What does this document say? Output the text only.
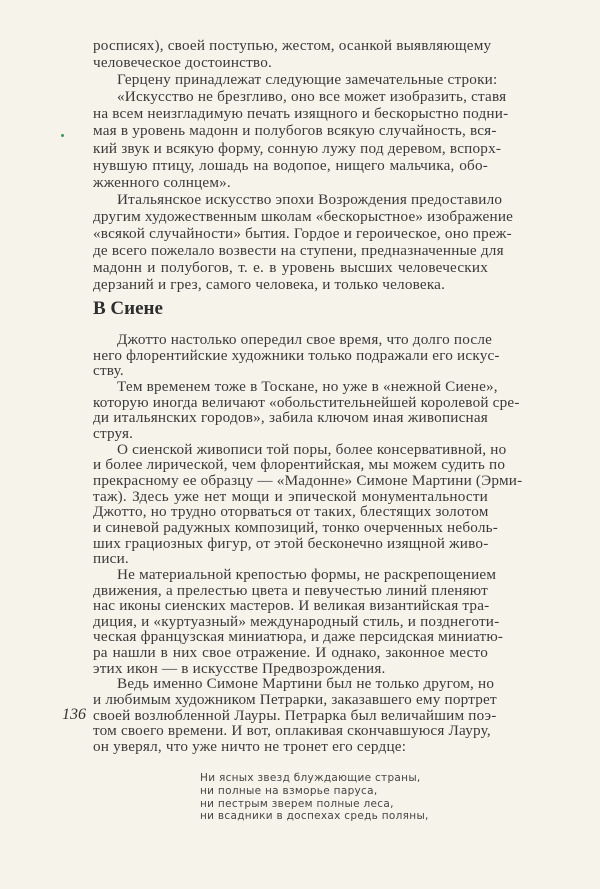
росписях), своей поступью, жестом, осанкой выявляющему
человеческое достоинство.
Герцену принадлежат следующие замечательные строки:
«Искусство не брезгливо, оно все может изобразить, ставя
на всем неизгладимую печать изящного и бескорыстно подни-
мая в уровень мадонн и полубогов всякую случайность, вся-
кий звук и всякую форму, сонную лужу под деревом, вспорх-
нувшую птицу, лошадь на водопое, нищего мальчика, обо-
жженного солнцем».
Итальянское искусство эпохи Возрождения предоставило
другим художественным школам «бескорыстное» изображение
«всякой случайности» бытия. Гордое и героическое, оно преж-
де всего пожелало возвести на ступени, предназначенные для
мадонн и полубогов, т. е. в уровень высших человеческих
дерзаний и грез, самого человека, и только человека.
В Сиене
Джотто настолько опередил свое время, что долго после
него флорентийские художники только подражали его искус-
ству.
Тем временем тоже в Тоскане, но уже в «нежной Сиене»,
которую иногда величают «обольстительнейшей королевой сре-
ди итальянских городов», забила ключом иная живописная
струя.
О сиенской живописи той поры, более консервативной, но
и более лирической, чем флорентийская, мы можем судить по
прекрасному ее образцу — «Мадонне» Симоне Мартини (Эрми-
таж). Здесь уже нет мощи и эпической монументальности
Джотто, но трудно оторваться от таких, блестящих золотом
и синевой радужных композиций, тонко очерченных неболь-
ших грациозных фигур, от этой бесконечно изящной живо-
писи.
Не материальной крепостью формы, не раскрепощением
движения, а прелестью цвета и певучестью линий пленяют
нас иконы сиенских мастеров. И великая византийская тра-
диция, и «куртуазный» международный стиль, и позднеготи-
ческая французская миниатюра, и даже персидская миниатю-
ра нашли в них свое отражение. И однако, законное место
этих икон — в искусстве Предвозрождения.
Ведь именно Симоне Мартини был не только другом, но
и любимым художником Петрарки, заказавшего ему портрет
своей возлюбленной Лауры. Петрарка был величайшим поэ-
том своего времени. И вот, оплакивая скончавшуюся Лауру,
он уверял, что уже ничто не тронет его сердце:
136
Ни ясных звезд блуждающие страны,
ни полные на взморье паруса,
ни пестрым зверем полные леса,
ни всадники в доспехах средь поляны,
